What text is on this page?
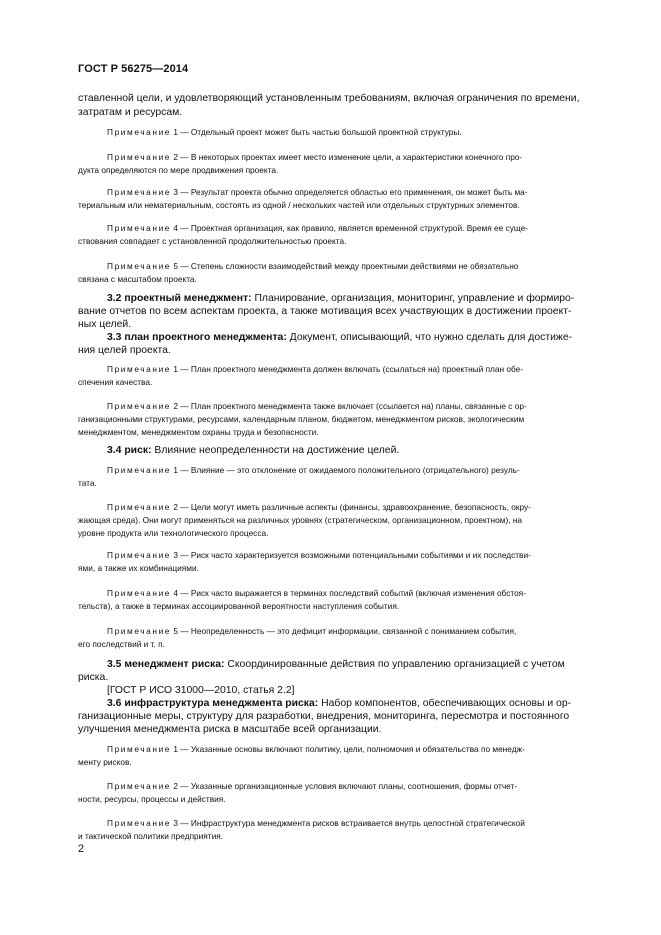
ГОСТ Р 56275—2014
ставленной цели, и удовлетворяющий установленным требованиям, включая ограничения по времени,
затратам и ресурсам.
Примечание 1 — Отдельный проект может быть частью большой проектной структуры.
Примечание 2 — В некоторых проектах имеет место изменение цели, а характеристики конечного про-
дукта определяются по мере продвижения проекта.
Примечание 3 — Результат проекта обычно определяется областью его применения, он может быть ма-
териальным или нематериальным, состоять из одной / нескольких частей или отдельных структурных элементов.
Примечание 4 — Проектная организация, как правило, является временной структурой. Время ее суще-
ствования совпадает с установленной продолжительностью проекта.
Примечание 5 — Степень сложности взаимодействий между проектными действиями не обязательно
связана с масштабом проекта.
3.2 проектный менеджмент: Планирование, организация, мониторинг, управление и формиро-
вание отчетов по всем аспектам проекта, а также мотивация всех участвующих в достижении проект-
ных целей.
3.3 план проектного менеджмента: Документ, описывающий, что нужно сделать для достиже-
ния целей проекта.
Примечание 1 — План проектного менеджмента должен включать (ссылаться на) проектный план обе-
спечения качества.
Примечание 2 — План проектного менеджмента также включает (ссылается на) планы, связанные с ор-
ганизационными структурами, ресурсами, календарным планом, бюджетом, менеджментом рисков, экологическим
менеджментом, менеджментом охраны труда и безопасности.
3.4 риск: Влияние неопределенности на достижение целей.
Примечание 1 — Влияние — это отклонение от ожидаемого положительного (отрицательного) резуль-
тата.
Примечание 2 — Цели могут иметь различные аспекты (финансы, здравоохранение, безопасность, окру-
жающая среда). Они могут применяться на различных уровнях (стратегическом, организационном, проектном), на
уровне продукта или технологического процесса.
Примечание 3 — Риск часто характеризуется возможными потенциальными событиями и их последстви-
ями, а также их комбинациями.
Примечание 4 — Риск часто выражается в терминах последствий событий (включая изменения обстоя-
тельств), а также в терминах ассоциированной вероятности наступления события.
Примечание 5 — Неопределенность — это дефицит информации, связанной с пониманием события,
его последствий и т. п.
3.5 менеджмент риска: Скоординированные действия по управлению организацией с учетом
риска.
[ГОСТ Р ИСО 31000—2010, статья 2.2]
3.6 инфраструктура менеджмента риска: Набор компонентов, обеспечивающих основы и ор-
ганизационные меры, структуру для разработки, внедрения, мониторинга, пересмотра и постоянного
улучшения менеджмента риска в масштабе всей организации.
Примечание 1 — Указанные основы включают политику, цели, полномочия и обязательства по менедж-
менту рисков.
Примечание 2 — Указанные организационные условия включают планы, соотношения, формы отчет-
ности, ресурсы, процессы и действия.
Примечание 3 — Инфраструктура менеджмента рисков встраивается внутрь целостной стратегической
и тактической политики предприятия.
2
